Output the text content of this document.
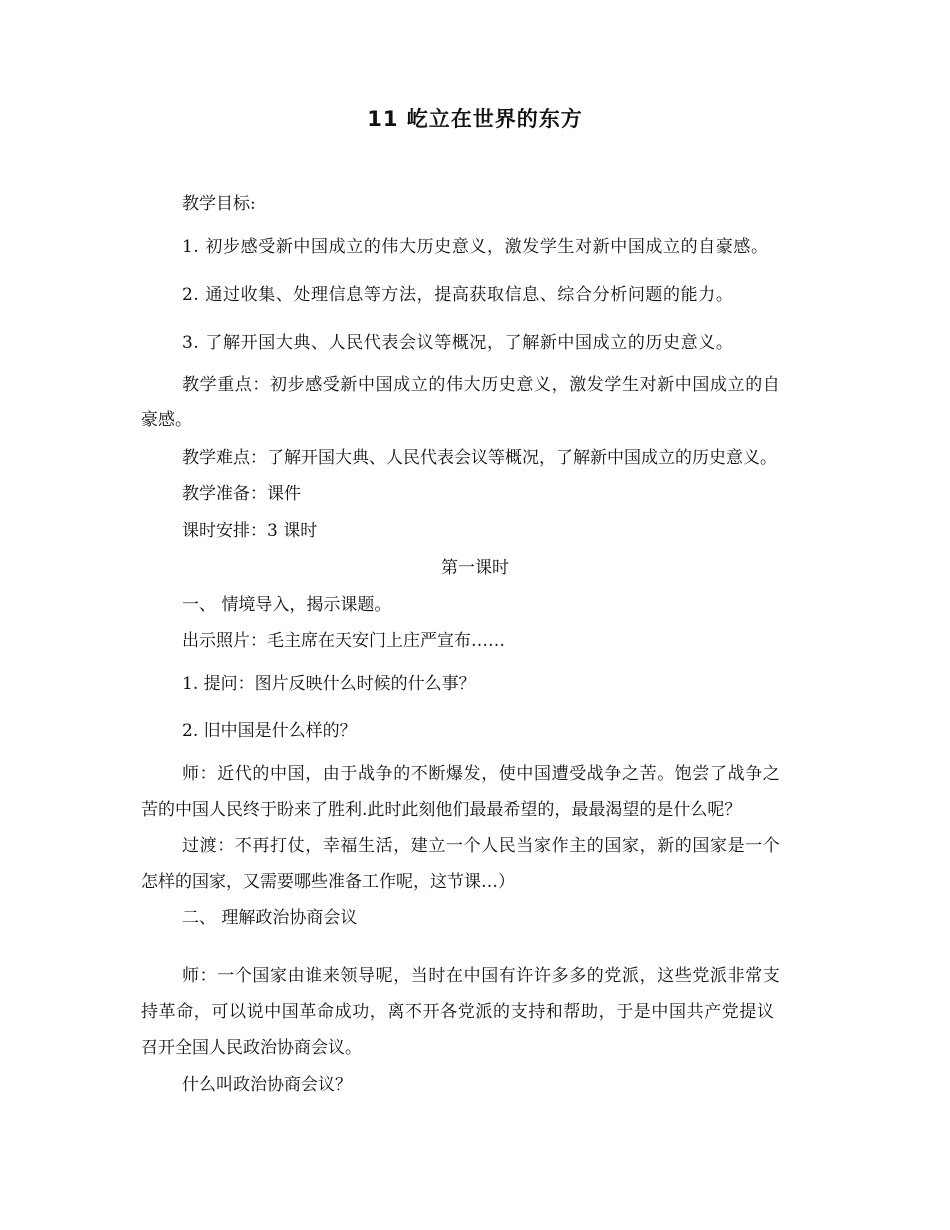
11 屹立在世界的东方
教学目标:
1. 初步感受新中国成立的伟大历史意义，激发学生对新中国成立的自豪感。
2. 通过收集、处理信息等方法，提高获取信息、综合分析问题的能力。
3. 了解开国大典、人民代表会议等概况，了解新中国成立的历史意义。
教学重点：初步感受新中国成立的伟大历史意义，激发学生对新中国成立的自
豪感。
教学难点：了解开国大典、人民代表会议等概况，了解新中国成立的历史意义。
教学准备：课件
课时安排：3 课时
第一课时
一、 情境导入，揭示课题。
出示照片：毛主席在天安门上庄严宣布……
1. 提问：图片反映什么时候的什么事？
2. 旧中国是什么样的？
师：近代的中国，由于战争的不断爆发，使中国遭受战争之苦。饱尝了战争之
苦的中国人民终于盼来了胜利.此时此刻他们最最希望的，最最渴望的是什么呢？
过渡：不再打仗，幸福生活，建立一个人民当家作主的国家，新的国家是一个
怎样的国家，又需要哪些准备工作呢，这节课…）
二、 理解政治协商会议
师：一个国家由谁来领导呢，当时在中国有许许多多的党派，这些党派非常支
持革命，可以说中国革命成功，离不开各党派的支持和帮助，于是中国共产党提议
召开全国人民政治协商会议。
什么叫政治协商会议？
